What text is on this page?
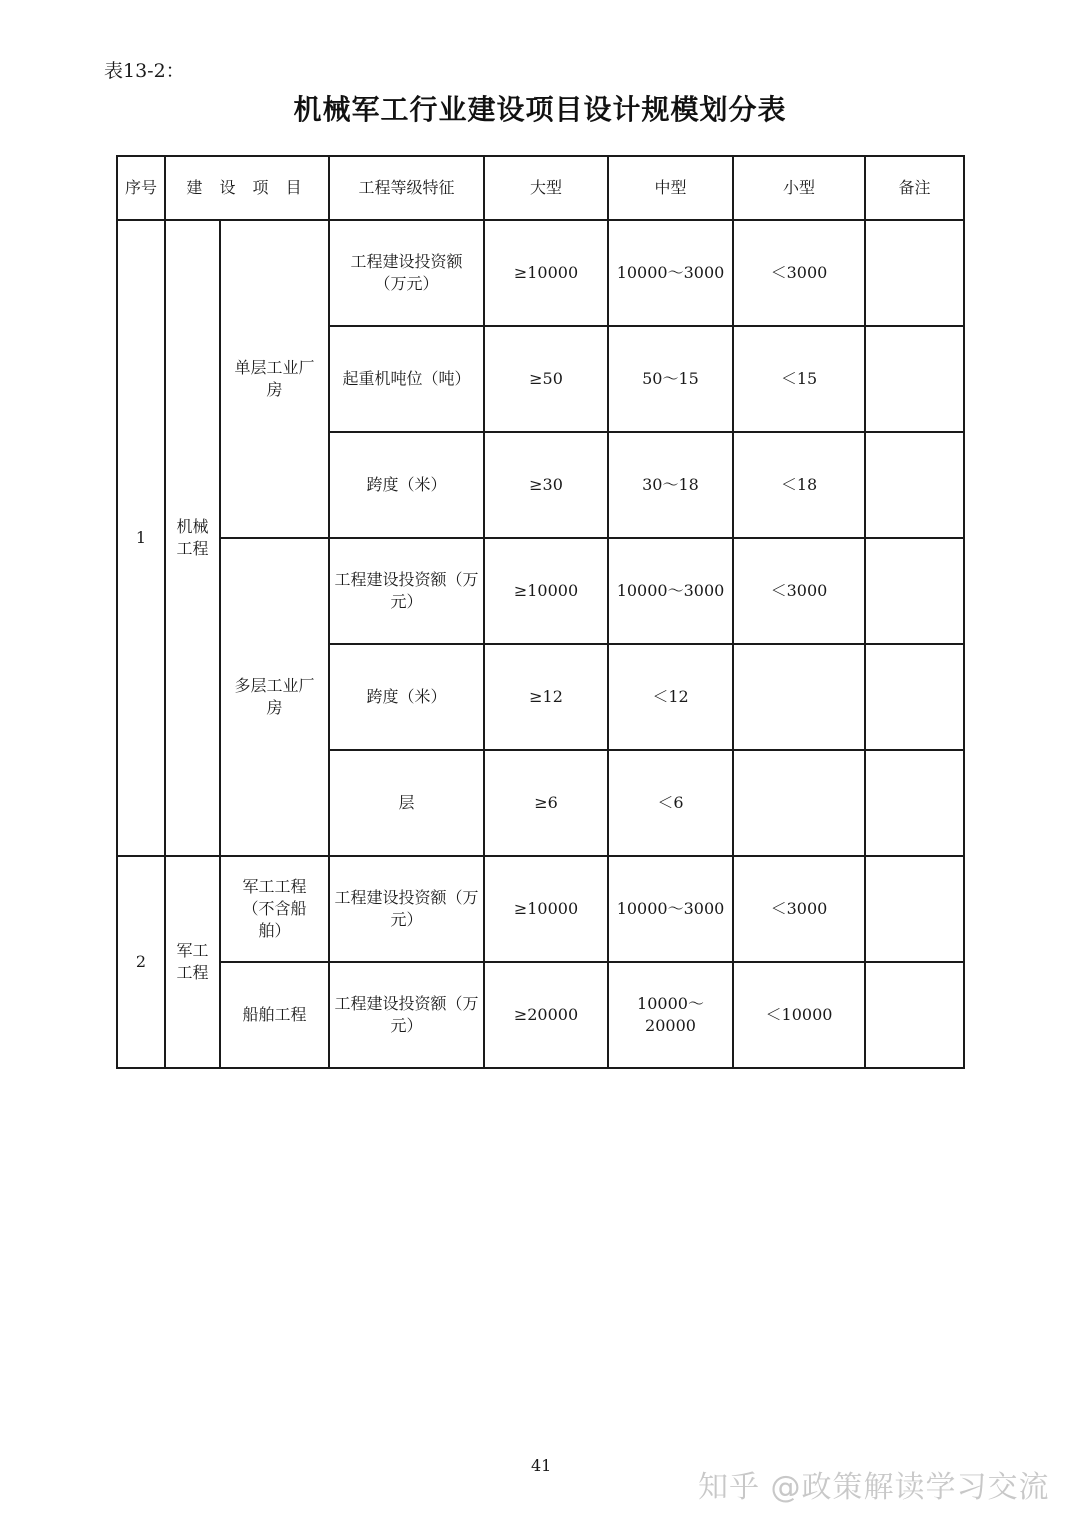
表13-2：
机械军工行业建设项目设计规模划分表
序号	建 设 项 目		工程等级特征	大型	中型	小型	备注
1	机械工程	单层工业厂房	工程建设投资额（万元）	≥10000	10000～3000	＜3000	
			起重机吨位（吨）	≥50	50～15	＜15	
			跨度（米）	≥30	30～18	＜18	
		多层工业厂房	工程建设投资额（万元）	≥10000	10000～3000	＜3000	
			跨度（米）	≥12	＜12		
			层	≥6	＜6		
2	军工工程	军工工程（不含船舶）	工程建设投资额（万元）	≥10000	10000～3000	＜3000	
		船舶工程	工程建设投资额（万元）	≥20000	10000～20000	＜10000	
41
知乎 @政策解读学习交流
